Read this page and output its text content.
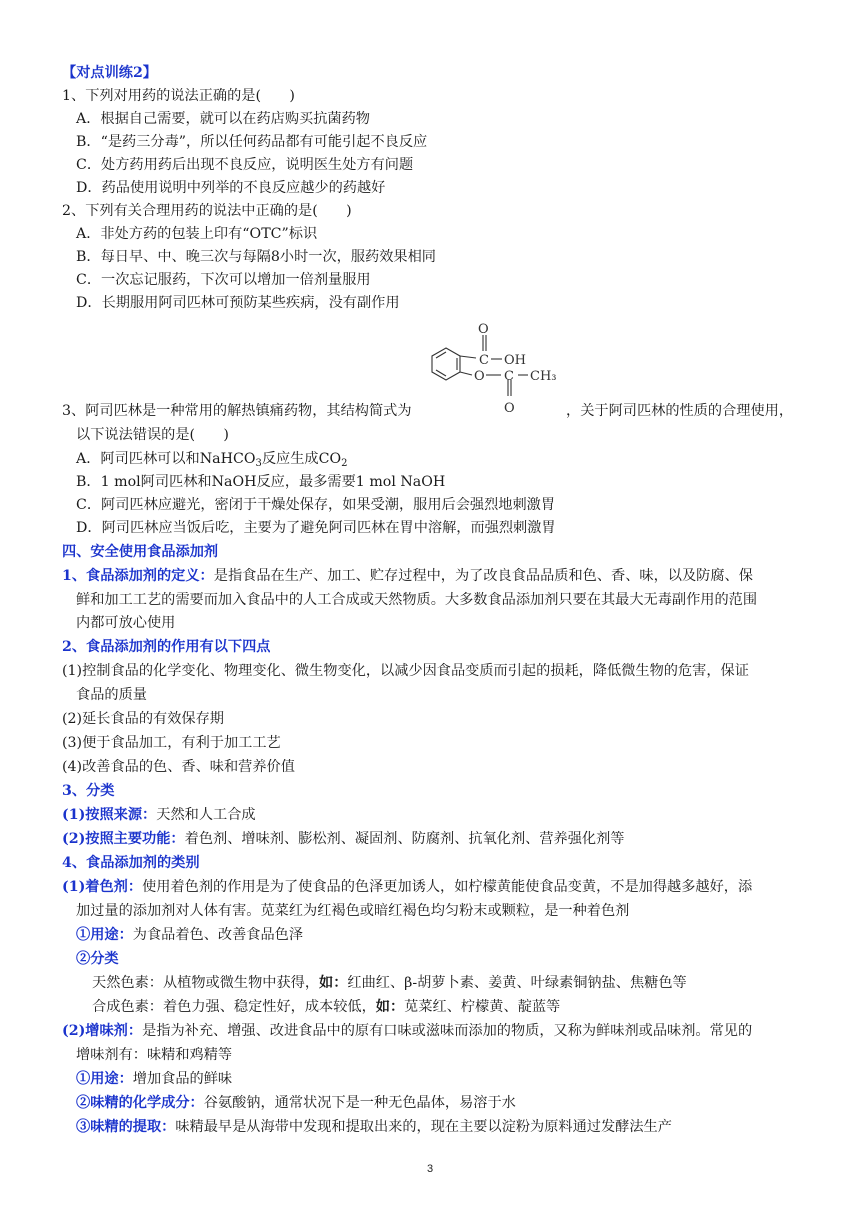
【对点训练2】
1、下列对用药的说法正确的是(　　)
A．根据自己需要，就可以在药店购买抗菌药物
B．“是药三分毒”，所以任何药品都有可能引起不良反应
C．处方药用药后出现不良反应，说明医生处方有问题
D．药品使用说明中列举的不良反应越少的药越好
2、下列有关合理用药的说法中正确的是(　　)
A．非处方药的包装上印有“OTC”标识
B．每日早、中、晚三次与每隔8小时一次，服药效果相同
C．一次忘记服药，下次可以增加一倍剂量服用
D．长期服用阿司匹林可预防某些疾病，没有副作用
O
C OH
O C CH₃
O
3、阿司匹林是一种常用的解热镇痛药物，其结构简式为	，关于阿司匹林的性质的合理使用，
以下说法错误的是(　　)
A．阿司匹林可以和NaHCO$_3$反应生成$CO_2$
B．1 mol阿司匹林和NaOH反应，最多需要1 mol NaOH
C．阿司匹林应避光，密闭于干燥处保存，如果受潮，服用后会强烈地刺激胃
D．阿司匹林应当饭后吃，主要为了避免阿司匹林在胃中溶解，而强烈刺激胃
四、安全使用食品添加剂
1、食品添加剂的定义：是指食品在生产、加工、贮存过程中，为了改良食品品质和色、香、味，以及防腐、保
鲜和加工工艺的需要而加入食品中的人工合成或天然物质。大多数食品添加剂只要在其最大无毒副作用的范围
内都可放心使用
2、食品添加剂的作用有以下四点
(1)控制食品的化学变化、物理变化、微生物变化，以减少因食品变质而引起的损耗，降低微生物的危害，保证
食品的质量
(2)延长食品的有效保存期
(3)便于食品加工，有利于加工工艺
(4)改善食品的色、香、味和营养价值
3、分类
(1)按照来源：天然和人工合成
(2)按照主要功能：着色剂、增味剂、膨松剂、凝固剂、防腐剂、抗氧化剂、营养强化剂等
4、食品添加剂的类别
(1)着色剂：使用着色剂的作用是为了使食品的色泽更加诱人，如柠檬黄能使食品变黄，不是加得越多越好，添
加过量的添加剂对人体有害。苋菜红为红褐色或暗红褐色均匀粉末或颗粒，是一种着色剂
①用途：为食品着色、改善食品色泽
②分类
天然色素：从植物或微生物中获得，如：红曲红、β-胡萝卜素、姜黄、叶绿素铜钠盐、焦糖色等
合成色素：着色力强、稳定性好，成本较低，如：苋菜红、柠檬黄、靛蓝等
(2)增味剂：是指为补充、增强、改进食品中的原有口味或滋味而添加的物质，又称为鲜味剂或品味剂。常见的
增味剂有：味精和鸡精等
①用途：增加食品的鲜味
②味精的化学成分：谷氨酸钠，通常状况下是一种无色晶体，易溶于水
③味精的提取：味精最早是从海带中发现和提取出来的，现在主要以淀粉为原料通过发酵法生产
3
